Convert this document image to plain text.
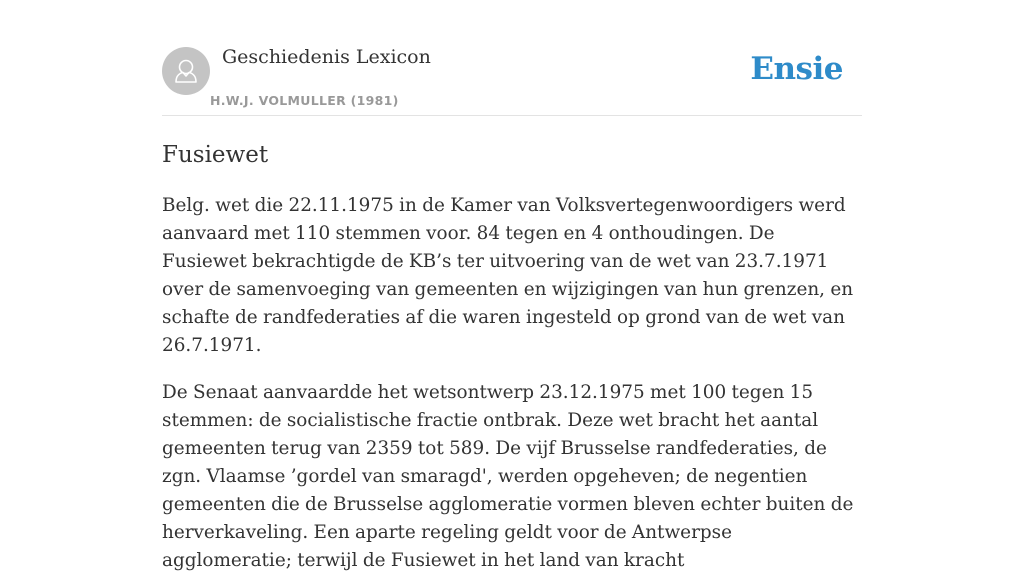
Geschiedenis Lexicon
H.W.J. VOLMULLER (1981)
Ensie
Fusiewet

Belg. wet die 22.11.1975 in de Kamer van Volksvertegenwoordigers werd aanvaard met 110 stemmen voor. 84 tegen en 4 onthoudingen. De Fusiewet bekrachtigde de KB’s ter uitvoering van de wet van 23.7.1971 over de samenvoeging van gemeenten en wijzigingen van hun grenzen, en schafte de randfederaties af die waren ingesteld op grond van de wet van 26.7.1971.

De Senaat aanvaardde het wetsontwerp 23.12.1975 met 100 tegen 15 stemmen: de socialistische fractie ontbrak. Deze wet bracht het aantal gemeenten terug van 2359 tot 589. De vijf Brusselse randfederaties, de zgn. Vlaamse ’gordel van smaragd', werden opgeheven; de negentien gemeenten die de Brusselse agglomeratie vormen bleven echter buiten de herverkaveling. Een aparte regeling geldt voor de Antwerpse agglomeratie; terwijl de Fusiewet in het land van kracht
